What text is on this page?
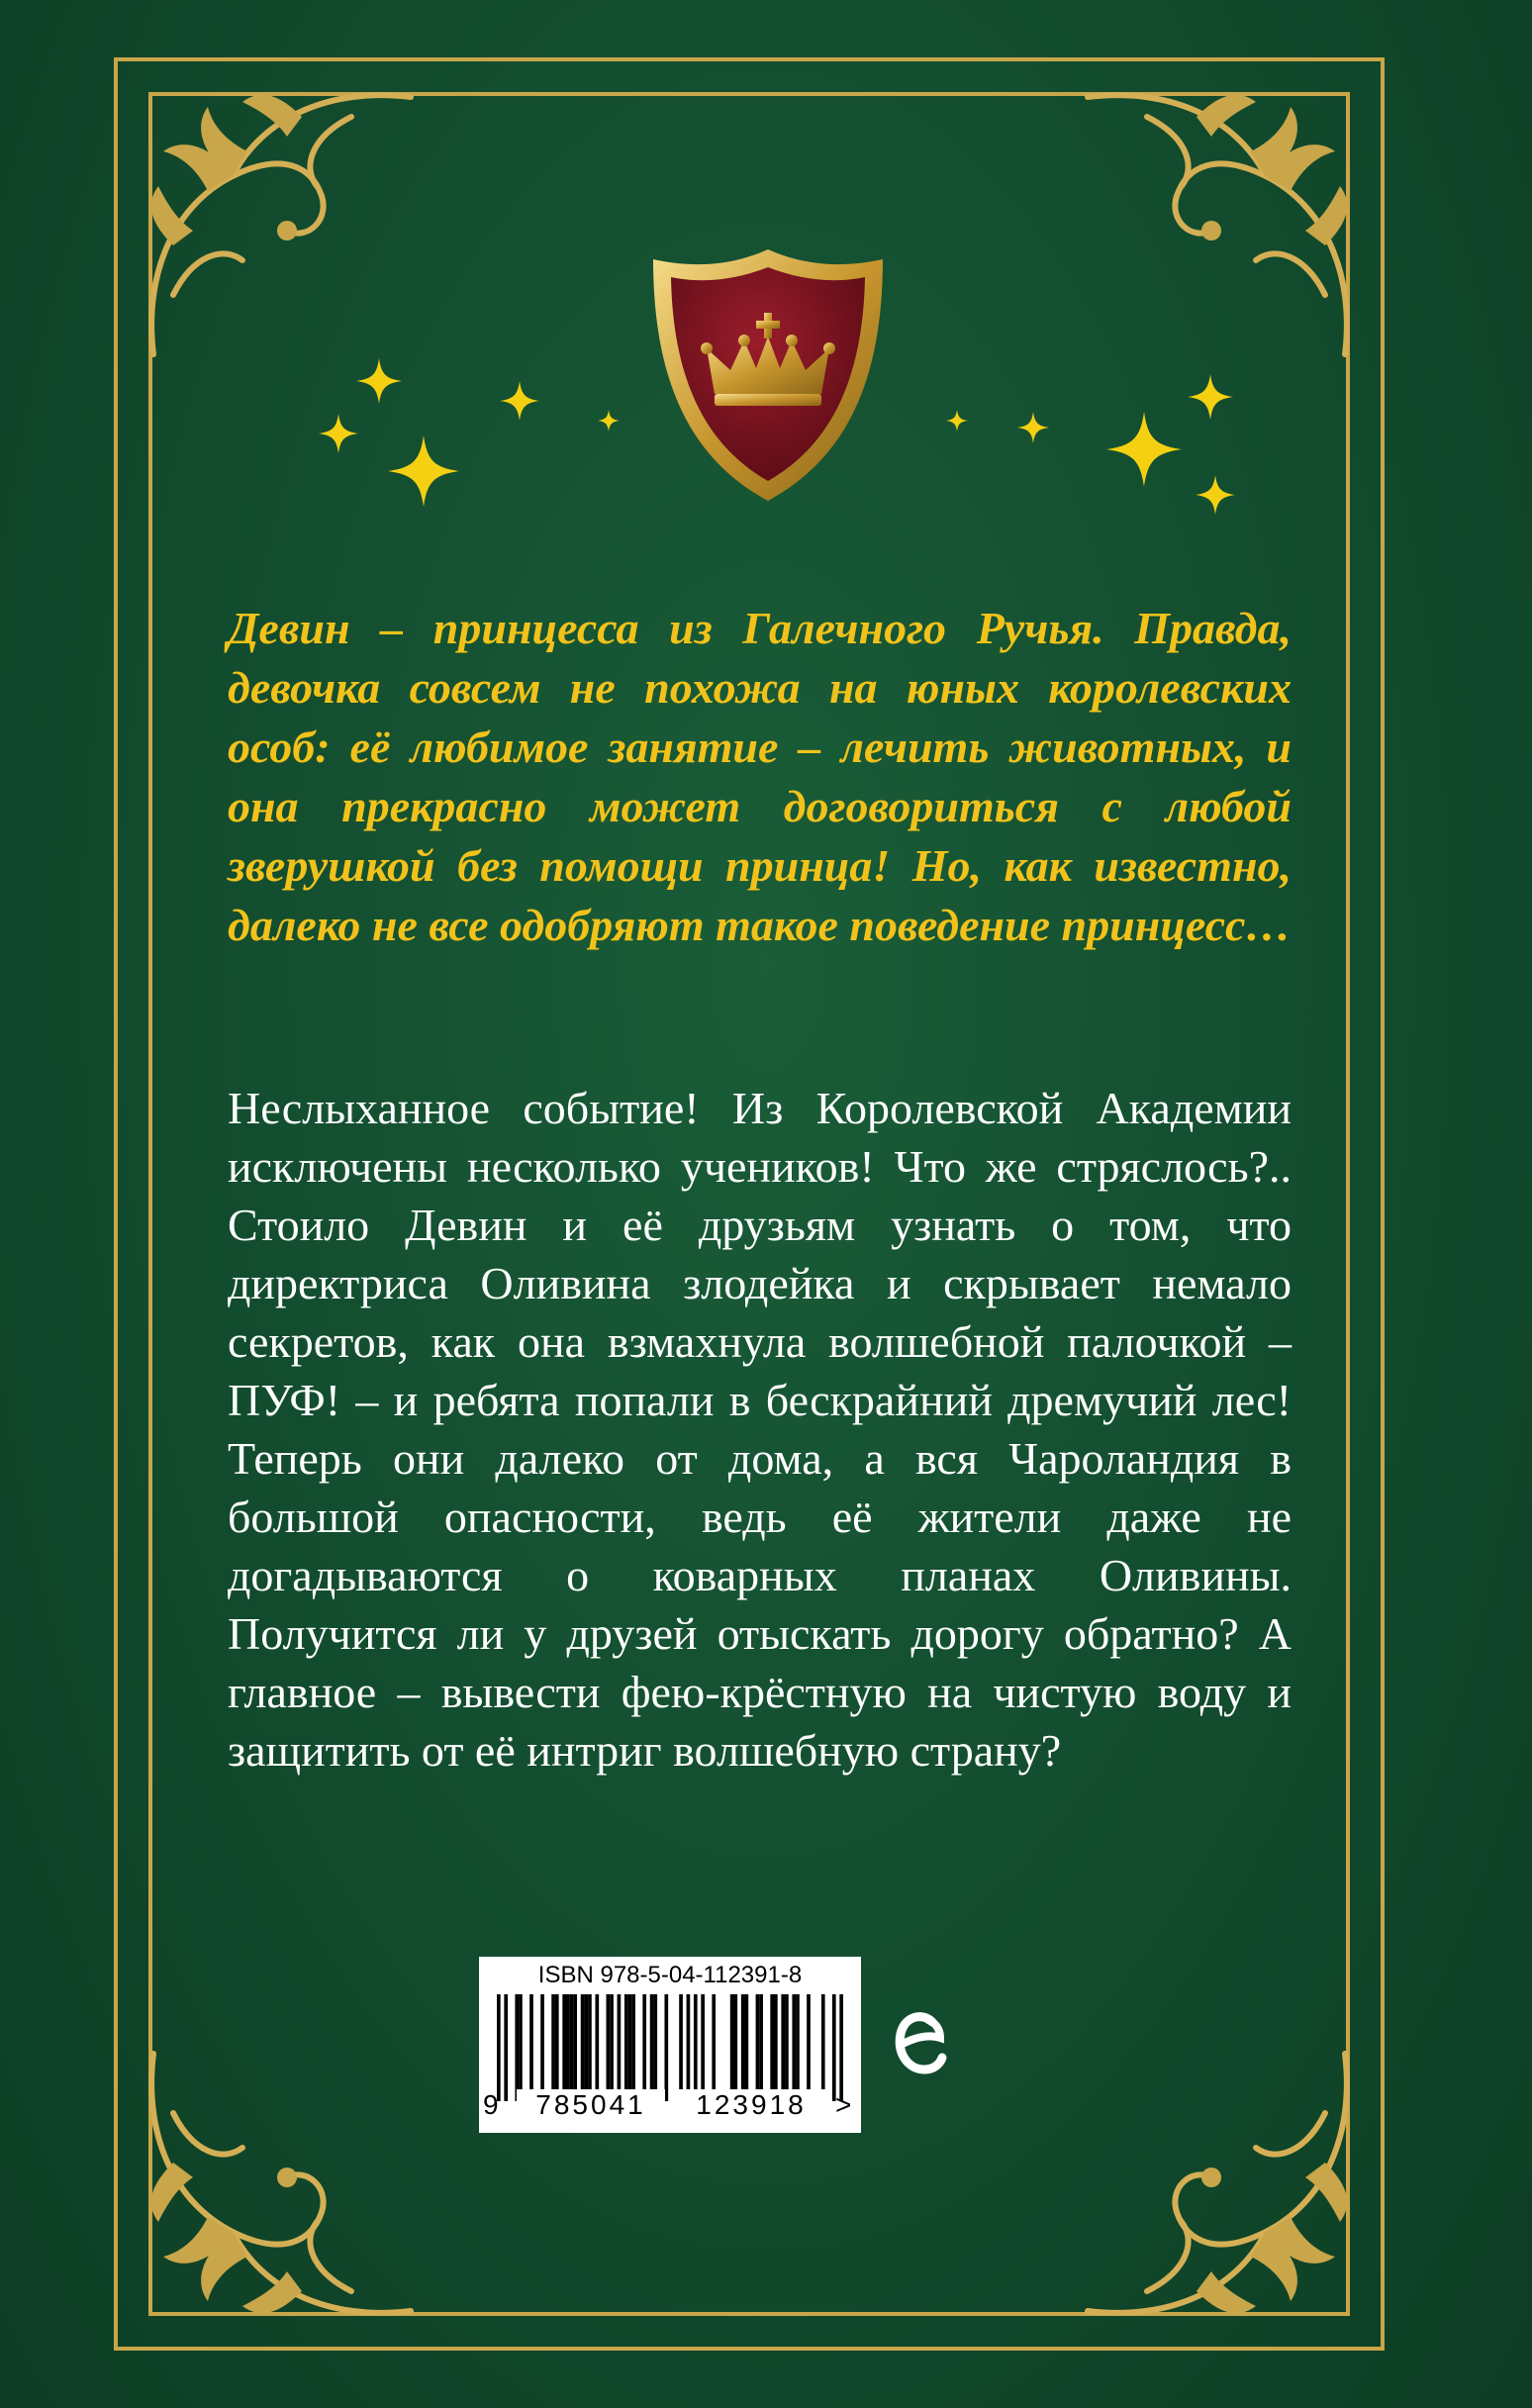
Девин – принцесса из Галечного Ручья. Правда, девочка совсем не похожа на юных королевских особ: её любимое занятие – лечить животных, и она прекрасно может договориться с любой зверушкой без помощи принца! Но, как известно, далеко не все одобряют такое поведение принцесс…

Неслыханное событие! Из Королевской Академии исключены несколько учеников! Что же стряслось?.. Стоило Девин и её друзьям узнать о том, что директриса Оливина злодейка и скрывает немало секретов, как она взмахнула волшебной палочкой – ПУФ! – и ребята попали в бескрайний дремучий лес! Теперь они далеко от дома, а вся Чароландия в большой опасности, ведь её жители даже не догадываются о коварных планах Оливины. Получится ли у друзей отыскать дорогу обратно? А главное – вывести фею-крёстную на чистую воду и защитить от её интриг волшебную страну?

ISBN 978-5-04-112391-8
9	785041	123918	>
